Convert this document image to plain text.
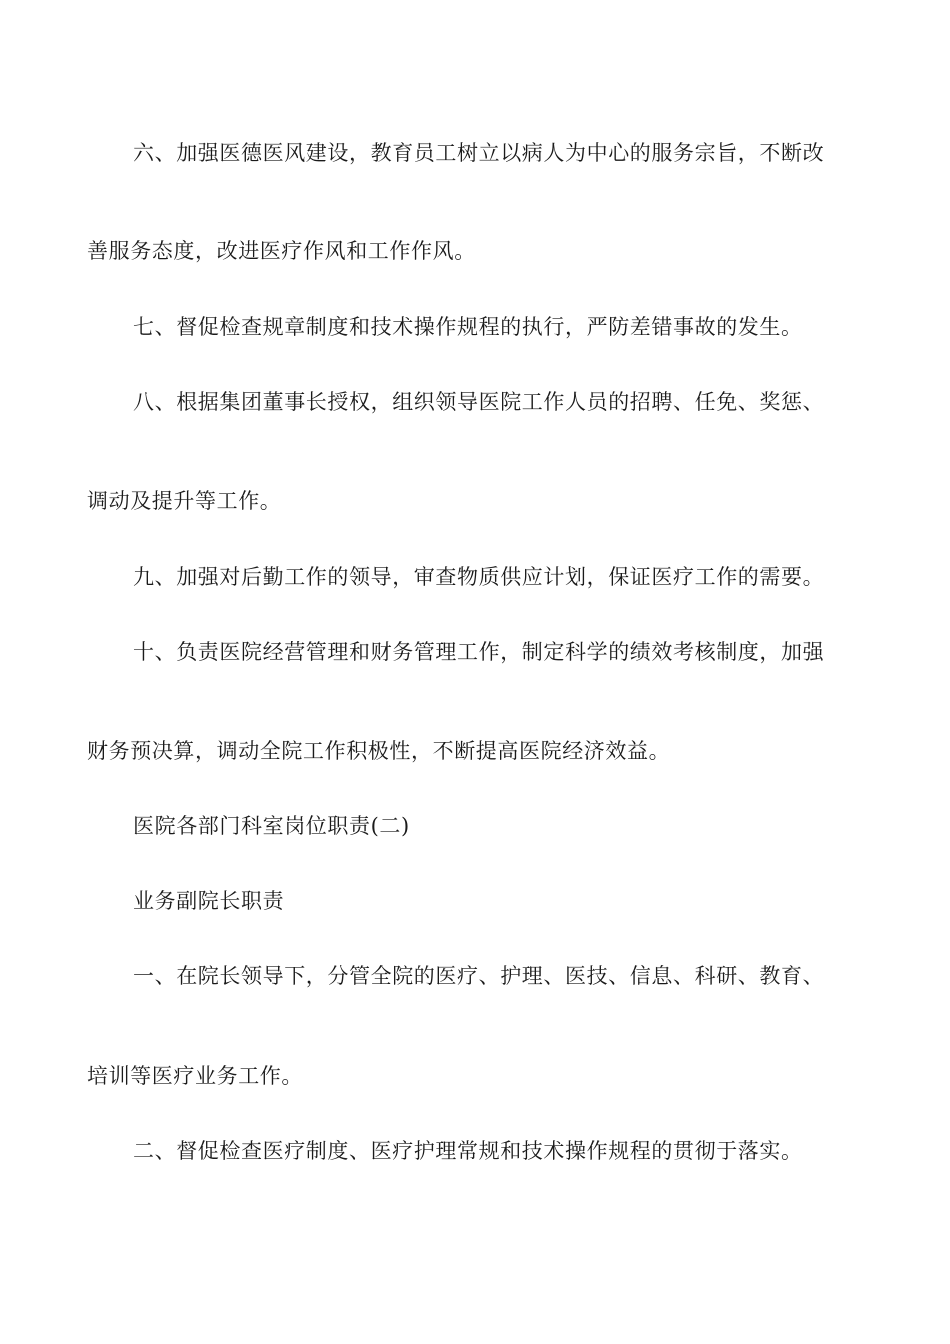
六、加强医德医风建设，教育员工树立以病人为中心的服务宗旨，不断改
善服务态度，改进医疗作风和工作作风。
七、督促检查规章制度和技术操作规程的执行，严防差错事故的发生。
八、根据集团董事长授权，组织领导医院工作人员的招聘、任免、奖惩、
调动及提升等工作。
九、加强对后勤工作的领导，审查物质供应计划，保证医疗工作的需要。
十、负责医院经营管理和财务管理工作，制定科学的绩效考核制度，加强
财务预决算，调动全院工作积极性，不断提高医院经济效益。
医院各部门科室岗位职责(二)
业务副院长职责
一、在院长领导下，分管全院的医疗、护理、医技、信息、科研、教育、
培训等医疗业务工作。
二、督促检查医疗制度、医疗护理常规和技术操作规程的贯彻于落实。
